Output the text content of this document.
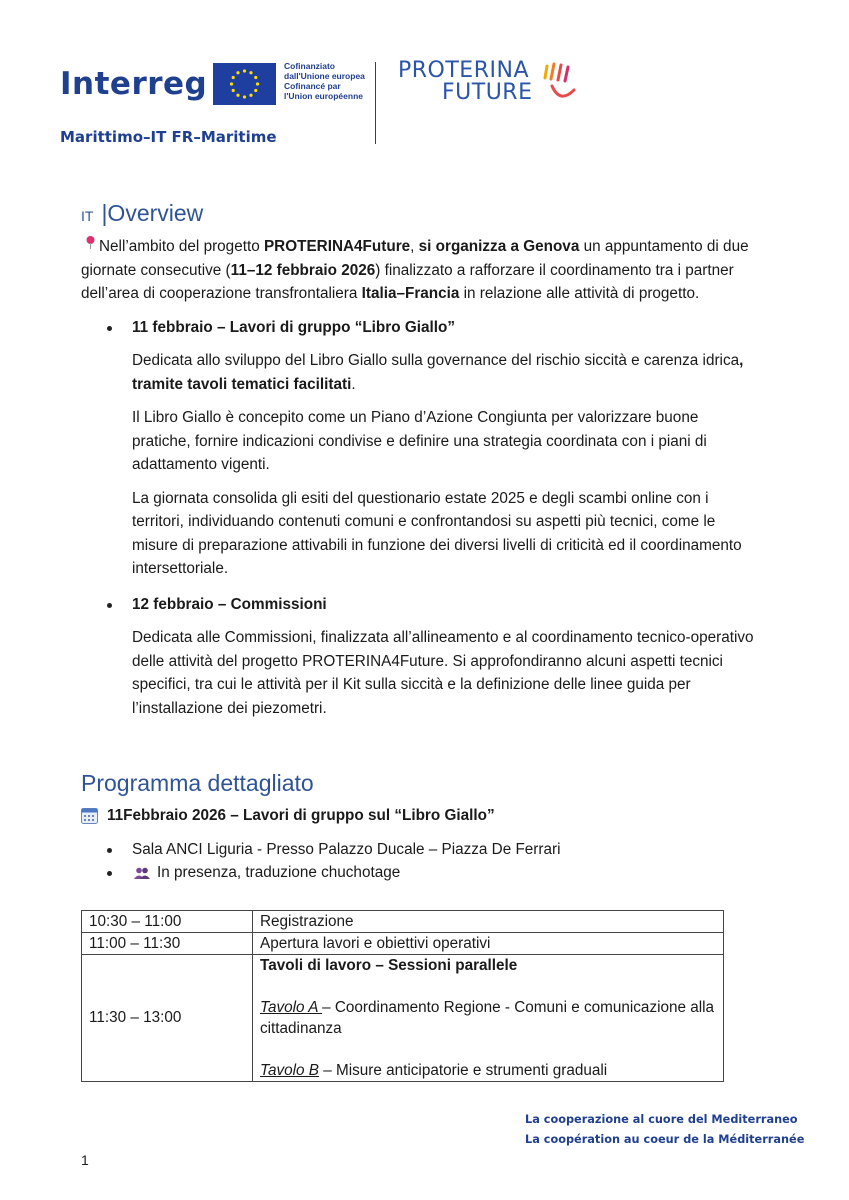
Interreg	Cofinanziato
dall'Unione europea
Cofinancé par
l'Union européenne
Marittimo–IT FR–Maritime
PROTERINA
FUTURE
IT |Overview

Nell’ambito del progetto PROTERINA4Future, si organizza a Genova un appuntamento di due giornate consecutive (11–12 febbraio 2026) finalizzato a rafforzare il coordinamento tra i partner dell’area di cooperazione transfrontaliera Italia–Francia in relazione alle attività di progetto.

11 febbraio – Lavori di gruppo “Libro Giallo”

Dedicata allo sviluppo del Libro Giallo sulla governance del rischio siccità e carenza idrica, tramite tavoli tematici facilitati.

Il Libro Giallo è concepito come un Piano d’Azione Congiunta per valorizzare buone pratiche, fornire indicazioni condivise e definire una strategia coordinata con i piani di adattamento vigenti.

La giornata consolida gli esiti del questionario estate 2025 e degli scambi online con i territori, individuando contenuti comuni e confrontandosi su aspetti più tecnici, come le misure di preparazione attivabili in funzione dei diversi livelli di criticità ed il coordinamento intersettoriale.

12 febbraio – Commissioni

Dedicata alle Commissioni, finalizzata all’allineamento e al coordinamento tecnico-operativo delle attività del progetto PROTERINA4Future. Si approfondiranno alcuni aspetti tecnici specifici, tra cui le attività per il Kit sulla siccità e la definizione delle linee guida per l’installazione dei piezometri.

Programma dettagliato
11Febbraio 2026 – Lavori di gruppo sul “Libro Giallo”
Sala ANCI Liguria - Presso Palazzo Ducale – Piazza De Ferrari
In presenza, traduzione chuchotage
10:30 – 11:00	Registrazione
11:00 – 11:30	Apertura lavori e obiettivi operativi
11:30 – 13:00	Tavoli di lavoro – Sessioni parallele
Tavolo A – Coordinamento Regione - Comuni e comunicazione alla cittadinanza
Tavolo B – Misure anticipatorie e strumenti graduali
La cooperazione al cuore del Mediterraneo
La coopération au coeur de la Méditerranée
1
